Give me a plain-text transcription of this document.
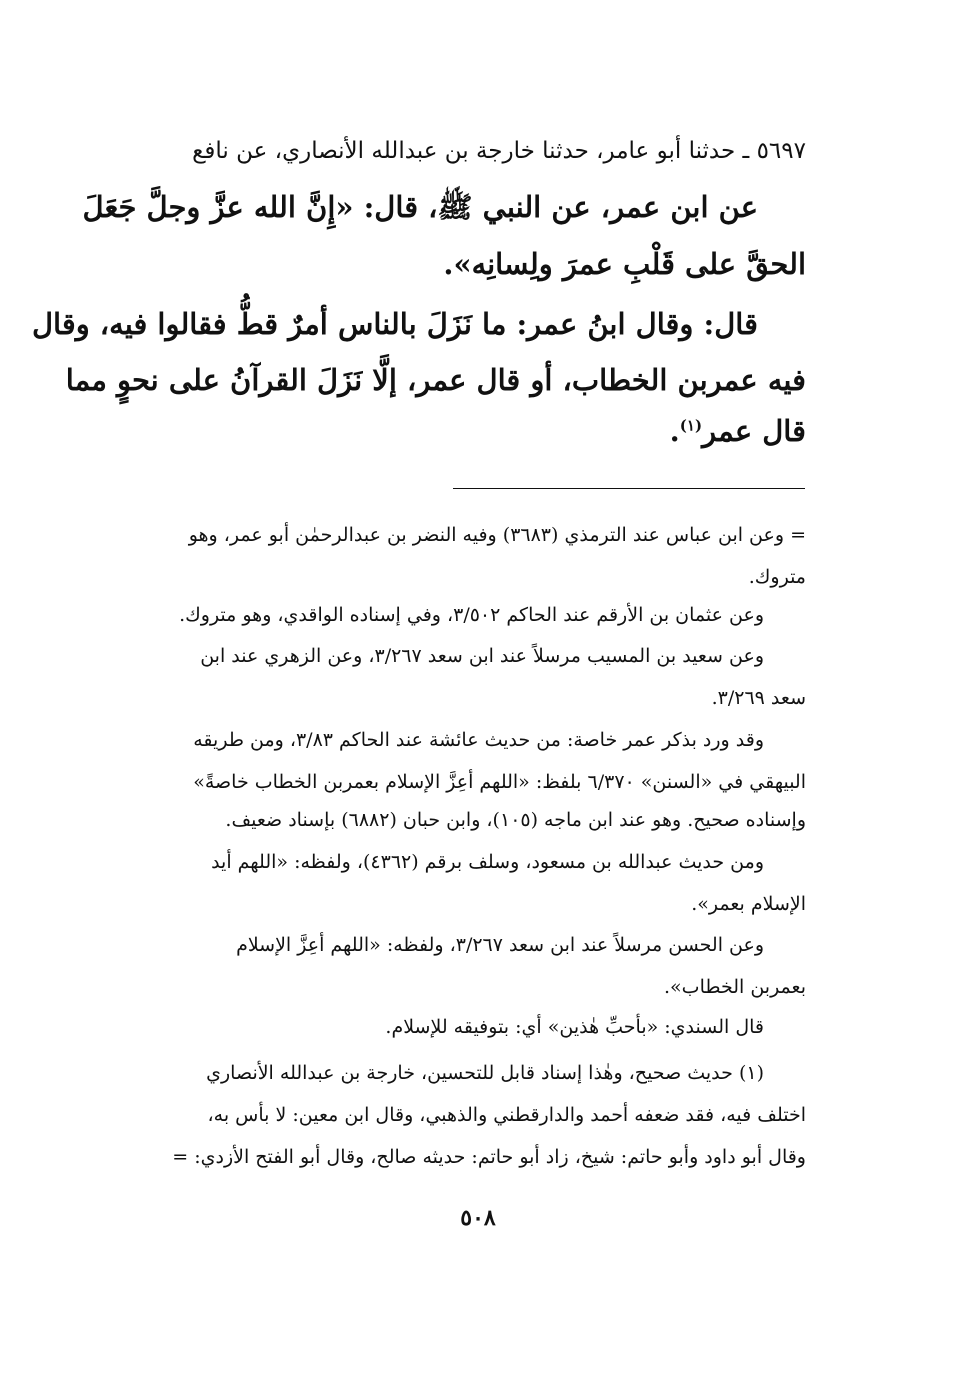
٥٦٩٧ ـ حدثنا أبو عامر، حدثنا خارجة بن عبدالله الأنصاري، عن نافع
عن ابن عمر، عن النبي ﷺ، قال: «إِنَّ الله عزَّ وجلَّ جَعَلَ
الحقَّ على قَلْبِ عمرَ ولِسانِه».
قال: وقال ابنُ عمر: ما نَزَلَ بالناس أمرٌ قطُّ فقالوا فيه، وقال
فيه عمربن الخطاب، أو قال عمر، إلَّا نَزَلَ القرآنُ على نحوٍ مما
قال عمر$^{(١)}$.
= وعن ابن عباس عند الترمذي (٣٦٨٣) وفيه النضر بن عبدالرحمٰن أبو عمر، وهو
متروك.
وعن عثمان بن الأرقم عند الحاكم ٣/٥٠٢، وفي إسناده الواقدي، وهو متروك.
وعن سعيد بن المسيب مرسلاً عند ابن سعد ٣/٢٦٧، وعن الزهري عند ابن
سعد ٣/٢٦٩.
وقد ورد بذكر عمر خاصة: من حديث عائشة عند الحاكم ٣/٨٣، ومن طريقه
البيهقي في «السنن» ٦/٣٧٠ بلفظ: «اللهم أعِزَّ الإسلام بعمربن الخطاب خاصةً»
وإسناده صحيح. وهو عند ابن ماجه (١٠٥)، وابن حبان (٦٨٨٢) بإسناد ضعيف.
ومن حديث عبدالله بن مسعود، وسلف برقم (٤٣٦٢)، ولفظه: «اللهم أيد
الإسلام بعمر».
وعن الحسن مرسلاً عند ابن سعد ٣/٢٦٧، ولفظه: «اللهم أعِزَّ الإسلام
بعمربن الخطاب».
قال السندي: «بأحبِّ هٰذين» أي: بتوفيقه للإسلام.
(١) حديث صحيح، وهٰذا إسناد قابل للتحسين، خارجة بن عبدالله الأنصاري
اختلف فيه، فقد ضعفه أحمد والدارقطني والذهبي، وقال ابن معين: لا بأس به،
وقال أبو داود وأبو حاتم: شيخ، زاد أبو حاتم: حديثه صالح، وقال أبو الفتح الأزدي: =
٥٠٨
